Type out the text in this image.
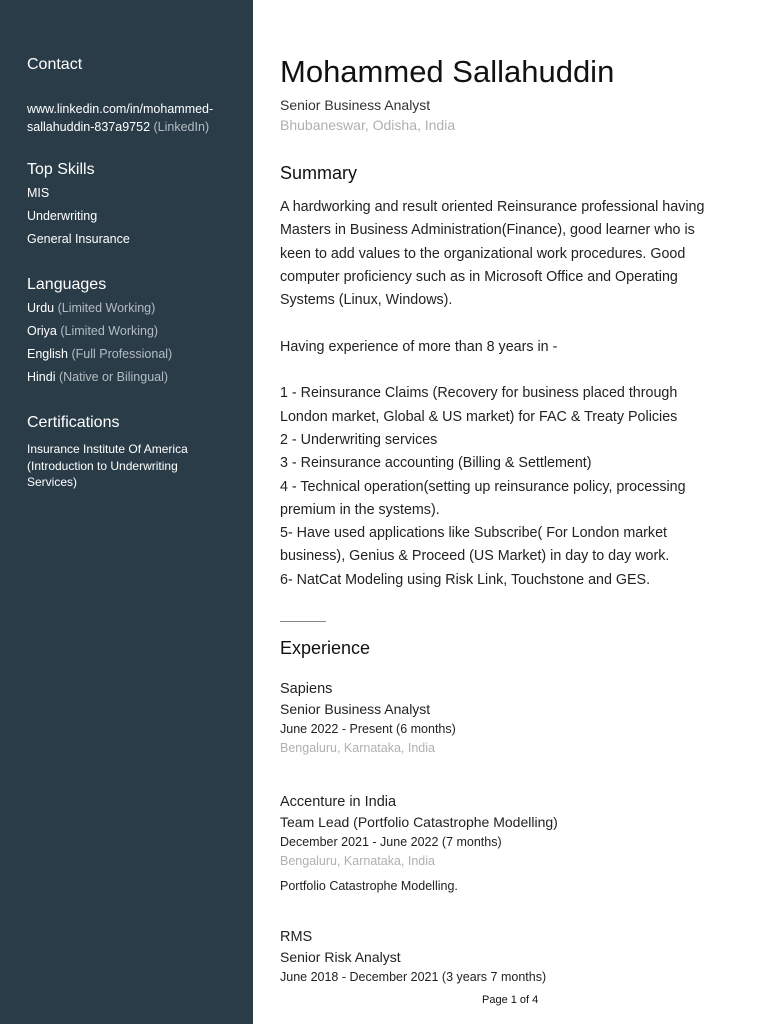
Contact

www.linkedin.com/in/mohammed-

sallahuddin-837a9752 (LinkedIn)

Top Skills

MIS

Underwriting

General Insurance

Languages

Urdu (Limited Working)

Oriya (Limited Working)

English (Full Professional)

Hindi (Native or Bilingual)

Certifications

Insurance Institute Of America

(Introduction to Underwriting

Services)

Mohammed Sallahuddin

Senior Business Analyst

Bhubaneswar, Odisha, India

Summary

A hardworking and result oriented Reinsurance professional having

Masters in Business Administration(Finance), good learner who is

keen to add values to the organizational work procedures. Good

computer proficiency such as in Microsoft Office and Operating

Systems (Linux, Windows).

Having experience of more than 8 years in -

1 - Reinsurance Claims (Recovery for business placed through

London market, Global & US market) for FAC & Treaty Policies

2 - Underwriting services

3 - Reinsurance accounting (Billing & Settlement)

4 - Technical operation(setting up reinsurance policy, processing

premium in the systems).

5- Have used applications like Subscribe( For London market

business), Genius & Proceed (US Market) in day to day work.

6- NatCat Modeling using Risk Link, Touchstone and GES.

Experience

Sapiens

Senior Business Analyst

June 2022 - Present (6 months)

Bengaluru, Karnataka, India

Accenture in India

Team Lead (Portfolio Catastrophe Modelling)

December 2021 - June 2022 (7 months)

Bengaluru, Karnataka, India

Portfolio Catastrophe Modelling.

RMS

Senior Risk Analyst

June 2018 - December 2021 (3 years 7 months)

Page 1 of 4
